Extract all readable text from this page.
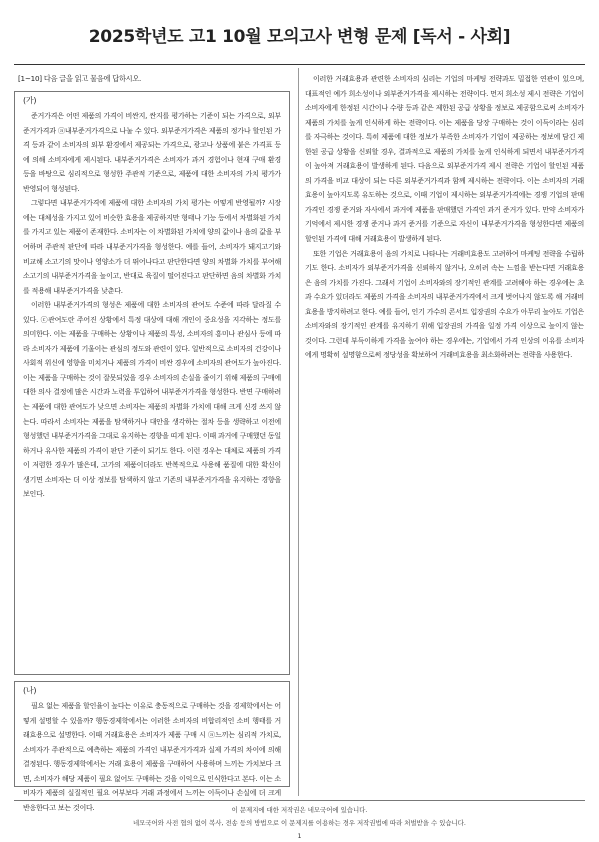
2025학년도 고1 10월 모의고사 변형 문제 [독서 - 사회]
[1~10] 다음 글을 읽고 물음에 답하시오.
(가)

준거가격은 어떤 제품의 가격이 비싼지, 싼지를 평가하는 기준이 되는 가격으로, 외부준거가격과 ⓐ내부준거가격으로 나눌 수 있다. 외부준거가격은 제품의 정가나 할인된 가격 등과 같이 소비자의 외부 환경에서 제공되는 가격으로, 광고나 상품에 붙은 가격표 등에 의해 소비자에게 제시된다. 내부준거가격은 소비자가 과거 경험이나 현재 구매 환경 등을 바탕으로 심리적으로 형성한 주관적 기준으로, 제품에 대한 소비자의 가치 평가가 반영되어 형성된다.

그렇다면 내부준거가격에 제품에 대한 소비자의 가치 평가는 어떻게 반영될까? 시장에는 대체성을 가지고 있어 비슷한 효용을 제공하지만 형태나 기능 등에서 차별화된 가치를 가지고 있는 제품이 존재한다. 소비자는 이 차별화된 가치에 양의 값이나 음의 값을 부여하며 주관적 판단에 따라 내부준거가격을 형성한다. 예를 들어, 소비자가 돼지고기와 비교해 소고기의 맛이나 영양소가 더 뛰어나다고 판단한다면 양의 차별화 가치를 부여해 소고기의 내부준거가격을 높이고, 반대로 육질이 떨어진다고 판단하면 음의 차별화 가치를 적용해 내부준거가격을 낮춘다.

이러한 내부준거가격의 형성은 제품에 대한 소비자의 관여도 수준에 따라 달라질 수 있다. ⓒ관여도란 주어진 상황에서 특정 대상에 대해 개인이 중요성을 지각하는 정도를 의미한다. 이는 제품을 구매하는 상황이나 제품의 특성, 소비자의 흥미나 관심사 등에 따라 소비자가 제품에 기울이는 관심의 정도와 관련이 있다. 일반적으로 소비자의 건강이나 사회적 위신에 영향을 미치거나 제품의 가격이 비싼 경우에 소비자의 관여도가 높아진다. 이는 제품을 구매하는 것이 잘못되었을 경우 소비자의 손실을 줄이기 위해 제품의 구매에 대한 의사 결정에 많은 시간과 노력을 투입하여 내부준거가격을 형성한다. 반면 구매하려는 제품에 대한 관여도가 낮으면 소비자는 제품의 차별화 가치에 대해 크게 신경 쓰지 않는다. 따라서 소비자는 제품을 탐색하거나 대안을 생각하는 절차 등을 생략하고 이전에 형성했던 내부준거가격을 그대로 유지하는 경향을 띠게 된다. 이때 과거에 구매했던 동일하거나 유사한 제품의 가격이 판단 기준이 되기도 한다. 이런 경우는 대체로 제품의 가격이 저렴한 경우가 많은데, 고가의 제품이더라도 반복적으로 사용해 품질에 대한 확신이 생기면 소비자는 더 이상 정보를 탐색하지 않고 기존의 내부준거가격을 유지하는 경향을 보인다.

(나)

필요 없는 제품을 할인율이 높다는 이유로 충동적으로 구매하는 것을 경제학에서는 어떻게 설명할 수 있을까? 행동경제학에서는 이러한 소비자의 비합리적인 소비 행태를 거래효용으로 설명한다. 이때 거래효용은 소비자가 제품 구매 시 ⓐ느끼는 심리적 가치로, 소비자가 주관적으로 예측하는 제품의 가격인 내부준거가격과 실제 가격의 차이에 의해 결정된다. 행동경제학에서는 거래 효용이 제품을 구매하여 사용하며 느끼는 가치보다 크면, 소비자가 해당 제품이 필요 없어도 구매하는 것을 이익으로 인식한다고 본다. 이는 소비자가 제품의 실질적인 필요 여부보다 거래 과정에서 느끼는 이득이나 손실에 더 크게 반응한다고 보는 것이다.

이러한 거래효용과 관련한 소비자의 심리는 기업의 마케팅 전략과도 밀접한 연관이 있으며, 대표적인 예가 희소성이나 외부준거가격을 제시하는 전략이다. 먼저 희소성 제시 전략은 기업이 소비자에게 한정된 시간이나 수량 등과 같은 제한된 공급 상황을 정보로 제공함으로써 소비자가 제품의 가치를 높게 인식하게 하는 전략이다. 이는 제품을 당장 구매하는 것이 이득이라는 심리를 자극하는 것이다. 특히 제품에 대한 정보가 부족한 소비자가 기업이 제공하는 정보에 담긴 제한된 공급 상황을 신뢰할 경우, 결과적으로 제품의 가치를 높게 인식하게 되면서 내부준거가격이 높아져 거래효용이 발생하게 된다. 다음으로 외부준거가격 제시 전략은 기업이 할인된 제품의 가격을 비교 대상이 되는 다른 외부준거가격과 함께 제시하는 전략이다. 이는 소비자의 거래효용이 높아지도록 유도하는 것으로, 이때 기업이 제시하는 외부준거가격에는 경쟁 기업의 판매가격인 경쟁 준거와 자사에서 과거에 제품을 판매했던 가격인 과거 준거가 있다. 만약 소비자가 기억에서 제시한 경쟁 준거나 과거 준거를 기준으로 자신이 내부준거가격을 형성한다면 제품의 할인된 가격에 대해 거래효용이 발생하게 된다.

또한 기업은 거래효용이 음의 가치로 나타나는 거래비효용도 고려하여 마케팅 전략을 수립하기도 한다. 소비자가 외부준거가격을 신뢰하지 않거나, 오히려 속는 느낌을 받는다면 거래효용은 음의 가치를 가진다. 그래서 기업이 소비자와의 장기적인 관계를 고려해야 하는 경우에는 초과 수요가 있더라도 제품의 가격을 소비자의 내부준거가격에서 크게 벗어나지 않도록 해 거래비효용을 방지하려고 한다. 예를 들어, 인기 가수의 콘서트 입장권의 수요가 아무리 높아도 기업은 소비자와의 장기적인 관계를 유지하기 위해 입장권의 가격을 일정 가격 이상으로 높이지 않는 것이다. 그런데 부득이하게 가격을 높여야 하는 경우에는, 기업에서 가격 인상의 이유를 소비자에게 명확히 설명함으로써 정당성을 확보하여 거래비효용을 최소화하려는 전략을 사용한다.

이 문제지에 대한 저작권은 네모국어에 있습니다.
네모국어와 사전 협의 없이 복사, 전송 등의 방법으로 이 문제지를 이용하는 경우 저작권법에 따라 처벌받을 수 있습니다.
1
